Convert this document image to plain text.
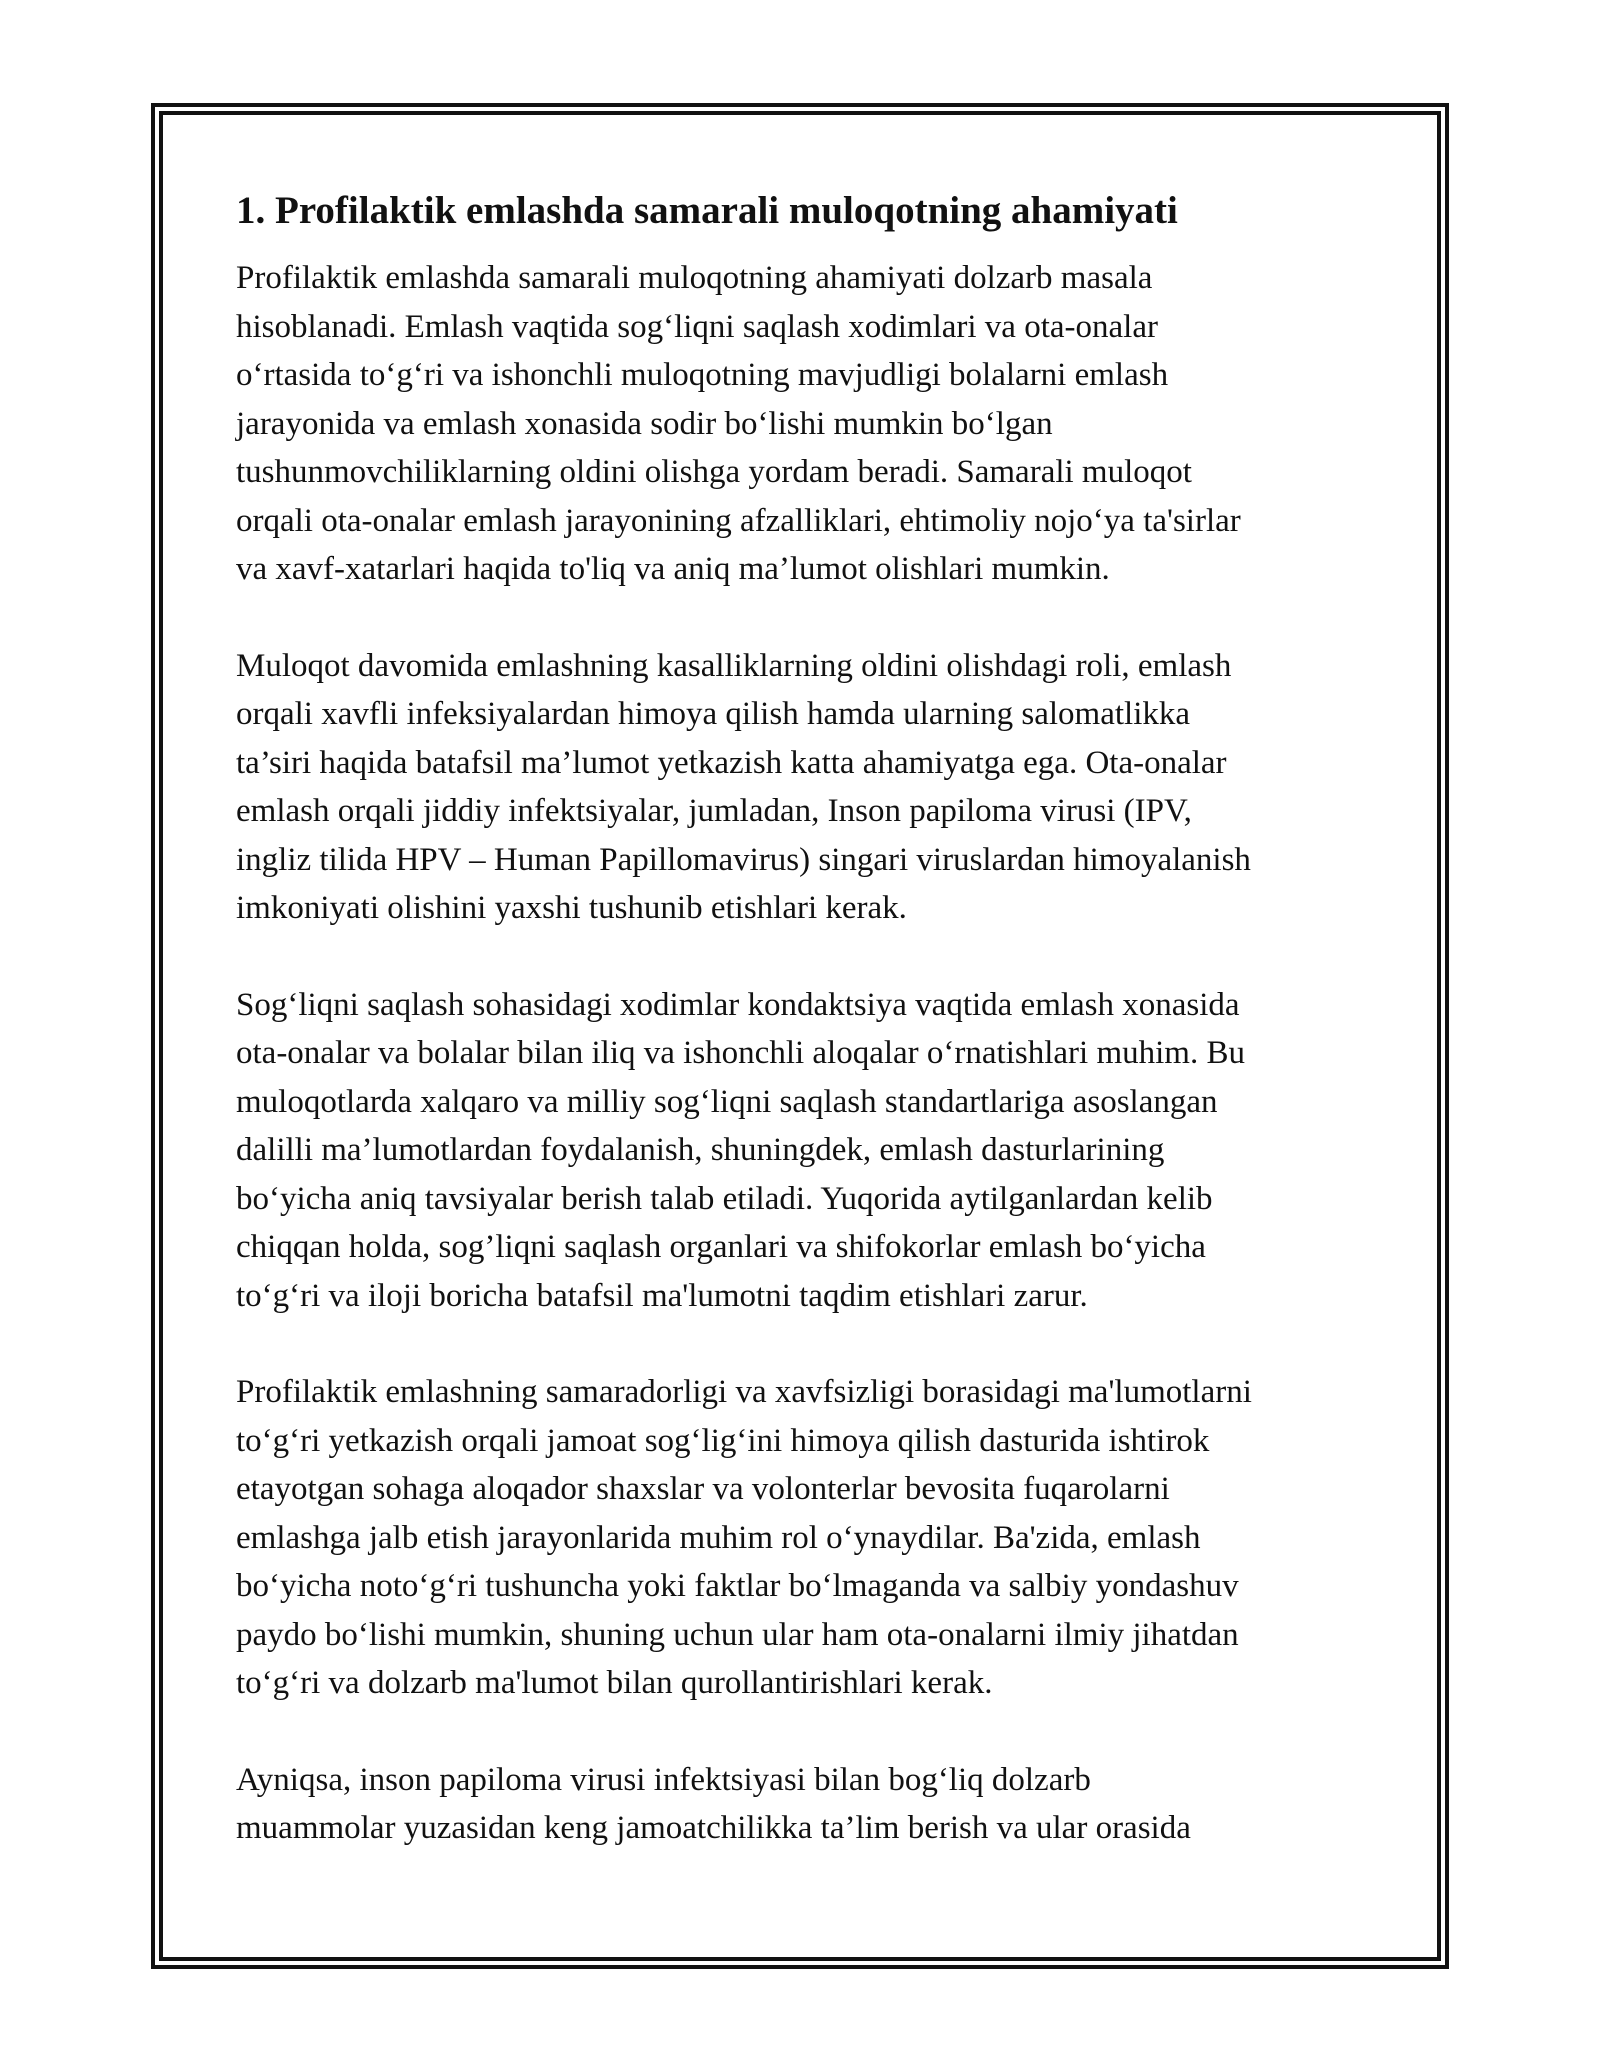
1. Profilaktik emlashda samarali muloqotning ahamiyati

Profilaktik emlashda samarali muloqotning ahamiyati dolzarb masala
hisoblanadi. Emlash vaqtida sog‘liqni saqlash xodimlari va ota-onalar
o‘rtasida to‘g‘ri va ishonchli muloqotning mavjudligi bolalarni emlash
jarayonida va emlash xonasida sodir bo‘lishi mumkin bo‘lgan
tushunmovchiliklarning oldini olishga yordam beradi. Samarali muloqot
orqali ota-onalar emlash jarayonining afzalliklari, ehtimoliy nojo‘ya ta'sirlar
va xavf-xatarlari haqida to'liq va aniq ma’lumot olishlari mumkin.

Muloqot davomida emlashning kasalliklarning oldini olishdagi roli, emlash
orqali xavfli infeksiyalardan himoya qilish hamda ularning salomatlikka
ta’siri haqida batafsil ma’lumot yetkazish katta ahamiyatga ega. Ota-onalar
emlash orqali jiddiy infektsiyalar, jumladan, Inson papiloma virusi (IPV,
ingliz tilida HPV – Human Papillomavirus) singari viruslardan himoyalanish
imkoniyati olishini yaxshi tushunib etishlari kerak.

Sog‘liqni saqlash sohasidagi xodimlar kondaktsiya vaqtida emlash xonasida
ota-onalar va bolalar bilan iliq va ishonchli aloqalar o‘rnatishlari muhim. Bu
muloqotlarda xalqaro va milliy sog‘liqni saqlash standartlariga asoslangan
dalilli ma’lumotlardan foydalanish, shuningdek, emlash dasturlarining
bo‘yicha aniq tavsiyalar berish talab etiladi. Yuqorida aytilganlardan kelib
chiqqan holda, sog’liqni saqlash organlari va shifokorlar emlash bo‘yicha
to‘g‘ri va iloji boricha batafsil ma'lumotni taqdim etishlari zarur.

Profilaktik emlashning samaradorligi va xavfsizligi borasidagi ma'lumotlarni
to‘g‘ri yetkazish orqali jamoat sog‘lig‘ini himoya qilish dasturida ishtirok
etayotgan sohaga aloqador shaxslar va volonterlar bevosita fuqarolarni
emlashga jalb etish jarayonlarida muhim rol o‘ynaydilar. Ba'zida, emlash
bo‘yicha noto‘g‘ri tushuncha yoki faktlar bo‘lmaganda va salbiy yondashuv
paydo bo‘lishi mumkin, shuning uchun ular ham ota-onalarni ilmiy jihatdan
to‘g‘ri va dolzarb ma'lumot bilan qurollantirishlari kerak.

Ayniqsa, inson papiloma virusi infektsiyasi bilan bog‘liq dolzarb
muammolar yuzasidan keng jamoatchilikka ta’lim berish va ular orasida
